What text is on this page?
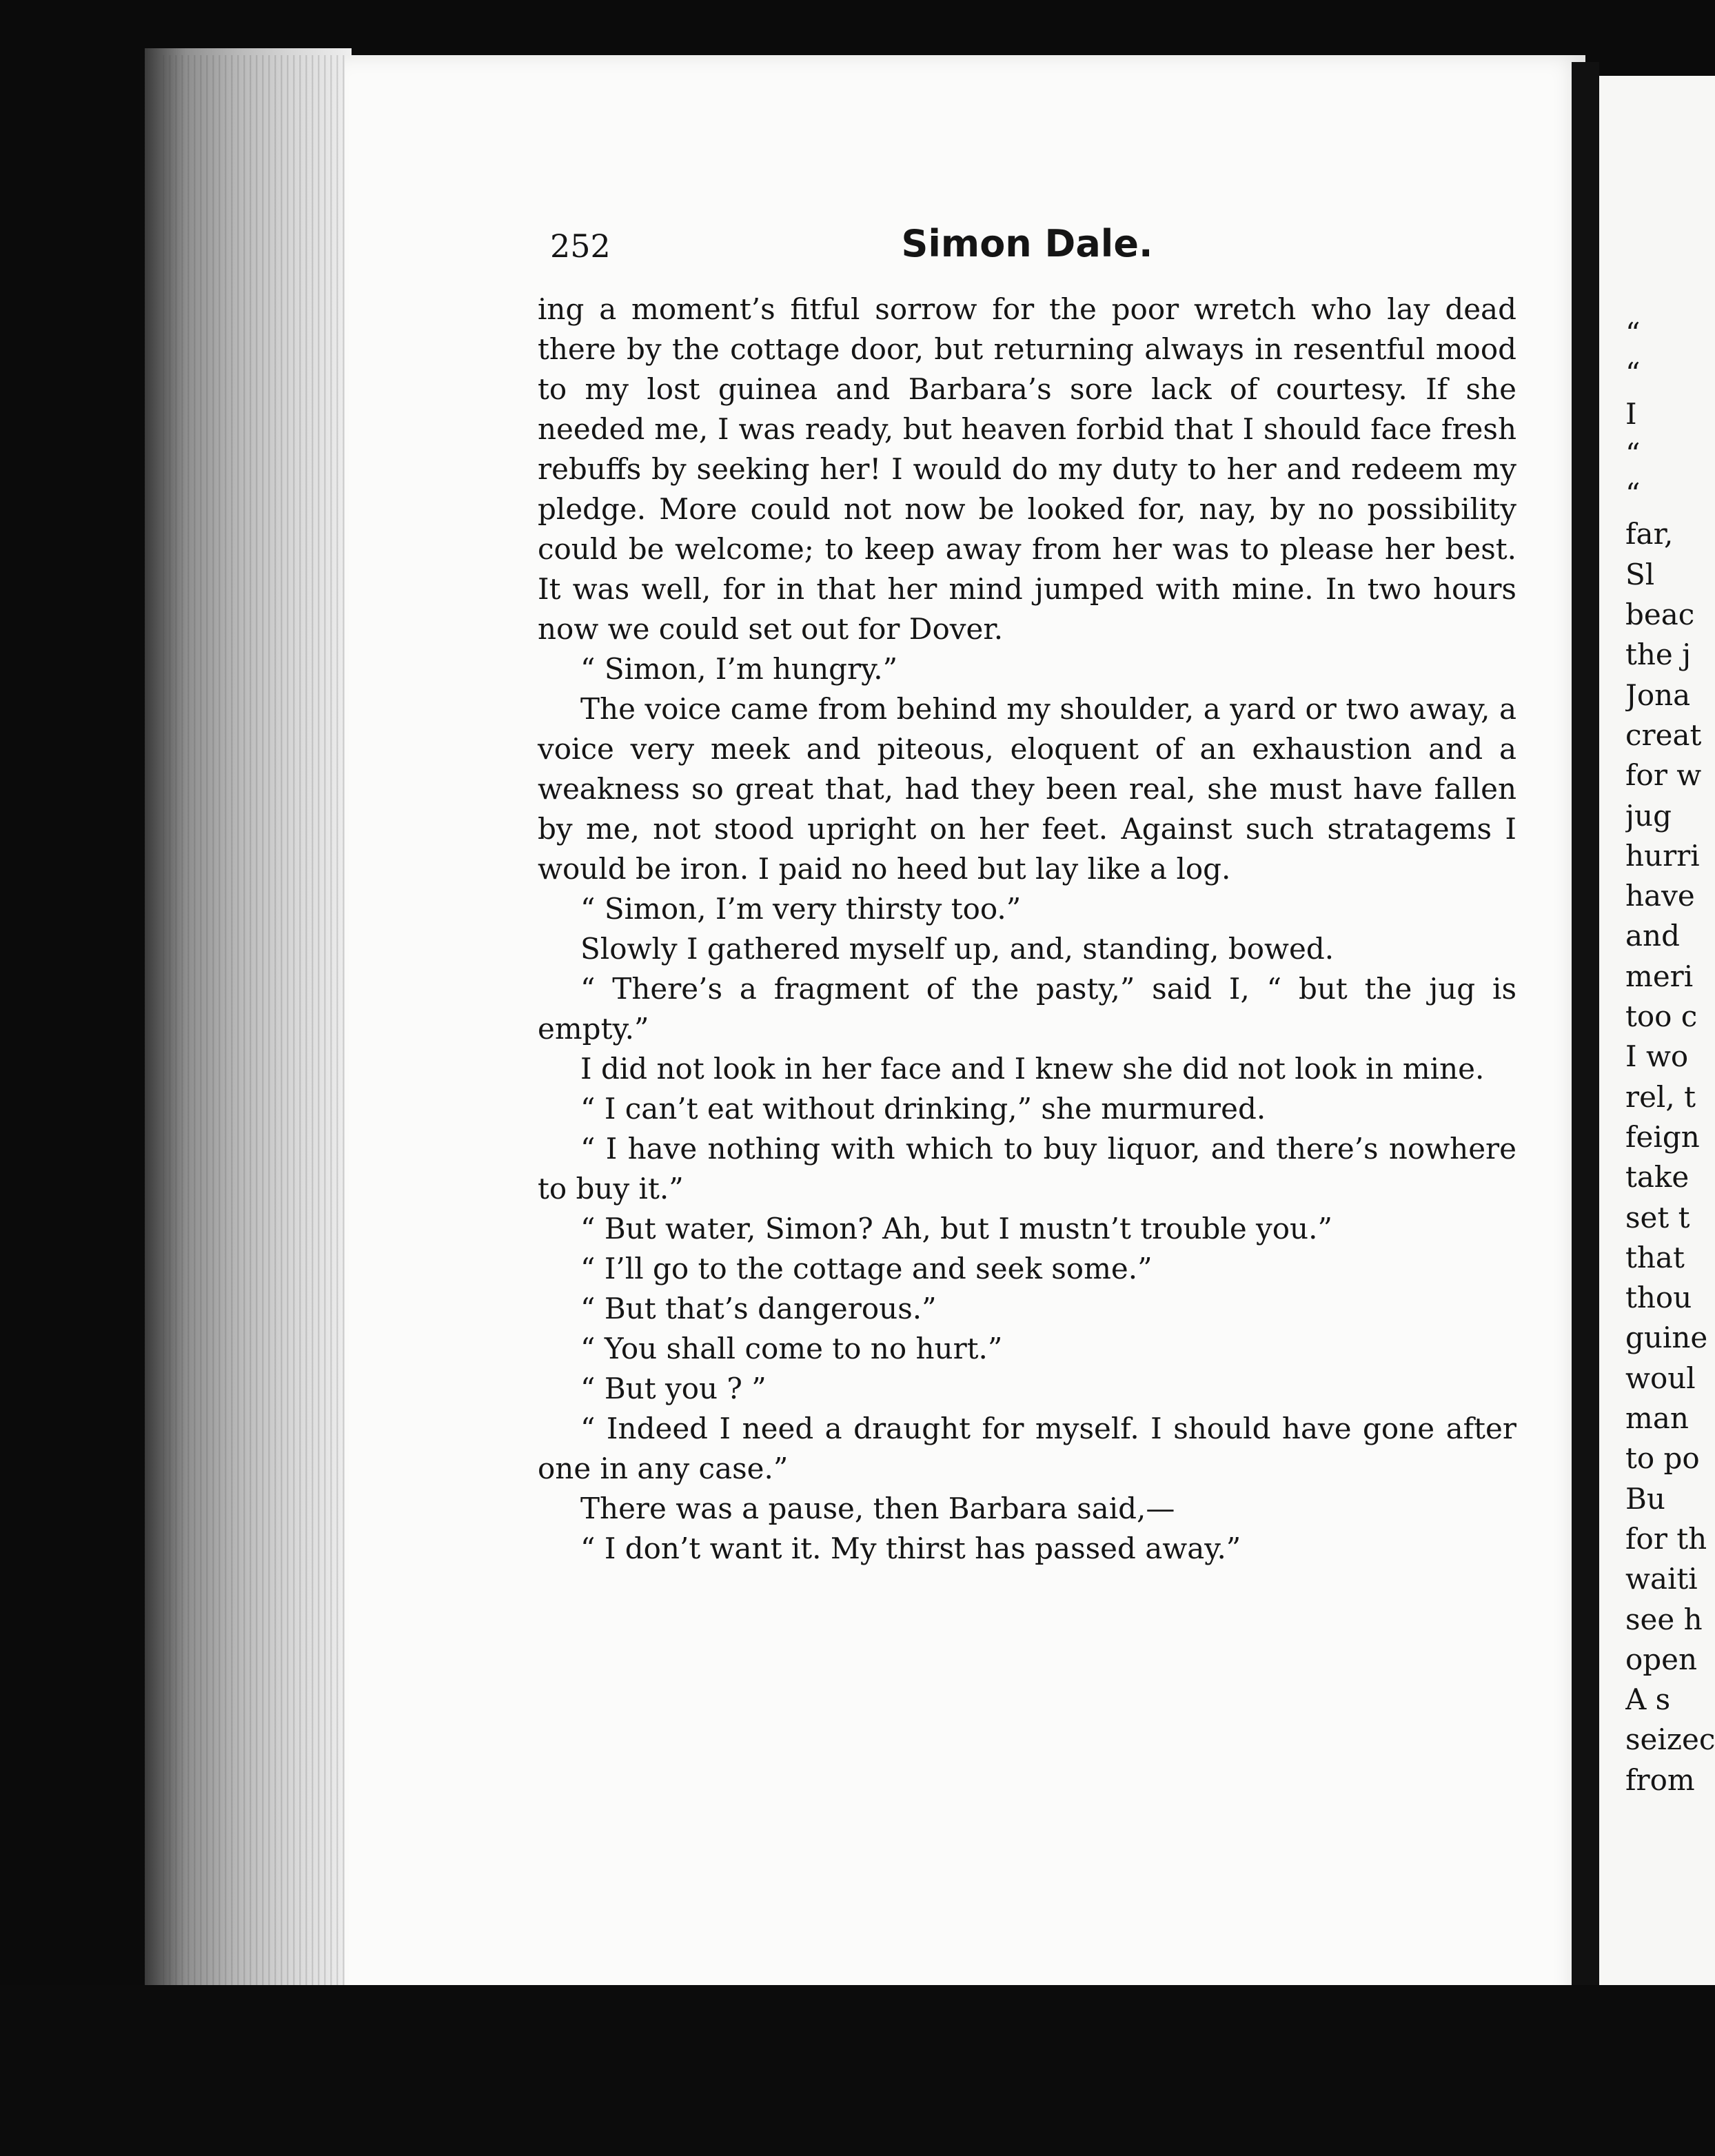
252	Simon Dale.

ing a moment’s fitful sorrow for the poor wretch who lay dead there by the cottage door, but returning always in resentful mood to my lost guinea and Barbara’s sore lack of courtesy. If she needed me, I was ready, but heaven forbid that I should face fresh rebuffs by seeking her! I would do my duty to her and redeem my pledge. More could not now be looked for, nay, by no possibility could be welcome; to keep away from her was to please her best. It was well, for in that her mind jumped with mine. In two hours now we could set out for Dover.

“ Simon, I’m hungry.”

The voice came from behind my shoulder, a yard or two away, a voice very meek and piteous, eloquent of an exhaustion and a weakness so great that, had they been real, she must have fallen by me, not stood upright on her feet. Against such stratagems I would be iron. I paid no heed but lay like a log.

“ Simon, I’m very thirsty too.”

Slowly I gathered myself up, and, standing, bowed.

“ There’s a fragment of the pasty,” said I, “ but the jug is empty.”

I did not look in her face and I knew she did not look in mine.

“ I can’t eat without drinking,” she murmured.

“ I have nothing with which to buy liquor, and there’s nowhere to buy it.”

“ But water, Simon? Ah, but I mustn’t trouble you.”

“ I’ll go to the cottage and seek some.”

“ But that’s dangerous.”

“ You shall come to no hurt.”

“ But you ? ”

“ Indeed I need a draught for myself. I should have gone after one in any case.”

There was a pause, then Barbara said,—

“ I don’t want it. My thirst has passed away.”

“
“
I
“
“
far,
Sl
beac
the j
Jona
creat
for w
jug
hurri
have
and
meri
too c
I wo
rel, t
feign
take
set t
that
thou
guine
woul
man
to po
Bu
for th
waiti
see h
open
A s
seizec
from
